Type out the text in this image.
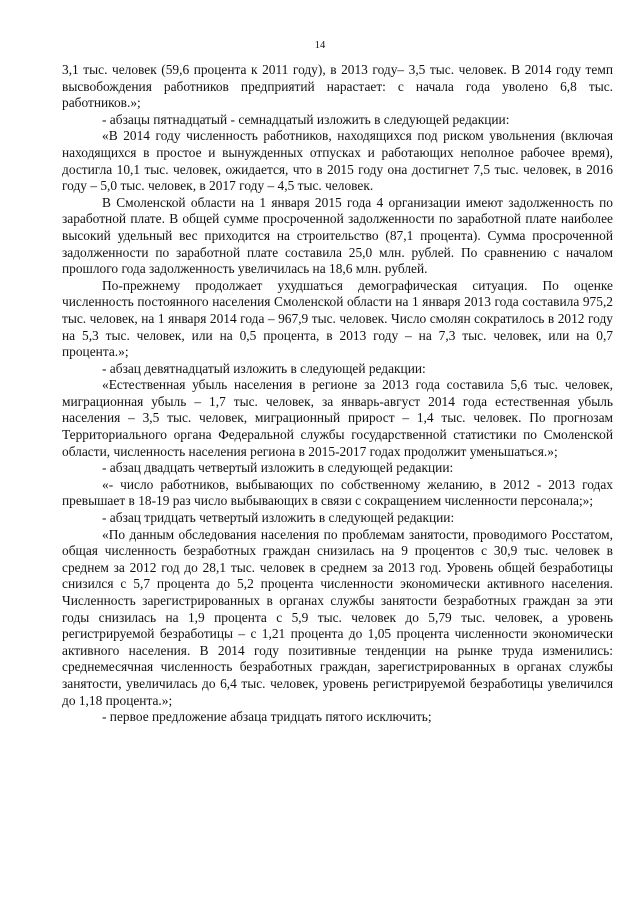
14

3,1 тыс. человек (59,6 процента к 2011 году), в 2013 году– 3,5 тыс. человек. В 2014 году темп высвобождения работников предприятий нарастает: с начала года уволено 6,8 тыс. работников.»;

- абзацы пятнадцатый - семнадцатый изложить в следующей редакции:

«В 2014 году численность работников, находящихся под риском увольнения (включая находящихся в простое и вынужденных отпусках и работающих неполное рабочее время), достигла 10,1 тыс. человек, ожидается, что в 2015 году она достигнет 7,5 тыс. человек, в 2016 году – 5,0 тыс. человек, в 2017 году – 4,5 тыс. человек.

В Смоленской области на 1 января 2015 года 4 организации имеют задолженность по заработной плате. В общей сумме просроченной задолженности по заработной плате наиболее высокий удельный вес приходится на строительство (87,1 процента). Сумма просроченной задолженности по заработной плате составила 25,0 млн. рублей. По сравнению с началом прошлого года задолженность увеличилась на 18,6 млн. рублей.

По-прежнему продолжает ухудшаться демографическая ситуация. По оценке численность постоянного населения Смоленской области на 1 января 2013 года составила 975,2 тыс. человек, на 1 января 2014 года – 967,9 тыс. человек. Число смолян сократилось в 2012 году на 5,3 тыс. человек, или на 0,5 процента, в 2013 году – на 7,3 тыс. человек, или на 0,7 процента.»;

- абзац девятнадцатый изложить в следующей редакции:

«Естественная убыль населения в регионе за 2013 года составила 5,6 тыс. человек, миграционная убыль – 1,7 тыс. человек, за январь-август 2014 года естественная убыль населения – 3,5 тыс. человек, миграционный прирост – 1,4 тыс. человек. По прогнозам Территориального органа Федеральной службы государственной статистики по Смоленской области, численность населения региона в 2015-2017 годах продолжит уменьшаться.»;

- абзац двадцать четвертый изложить в следующей редакции:

«- число работников, выбывающих по собственному желанию, в 2012 - 2013 годах превышает в 18-19 раз число выбывающих в связи с сокращением численности персонала;»;

- абзац тридцать четвертый изложить в следующей редакции:

«По данным обследования населения по проблемам занятости, проводимого Росстатом, общая численность безработных граждан снизилась на 9 процентов с 30,9 тыс. человек в среднем за 2012 год до 28,1 тыс. человек в среднем за 2013 год. Уровень общей безработицы снизился с 5,7 процента до 5,2 процента численности экономически активного населения. Численность зарегистрированных в органах службы занятости безработных граждан за эти годы снизилась на 1,9 процента с 5,9 тыс. человек до 5,79 тыс. человек, а уровень регистрируемой безработицы – с 1,21 процента до 1,05 процента численности экономически активного населения. В 2014 году позитивные тенденции на рынке труда изменились: среднемесячная численность безработных граждан, зарегистрированных в органах службы занятости, увеличилась до 6,4 тыс. человек, уровень регистрируемой безработицы увеличился до 1,18 процента.»;

- первое предложение абзаца тридцать пятого исключить;
